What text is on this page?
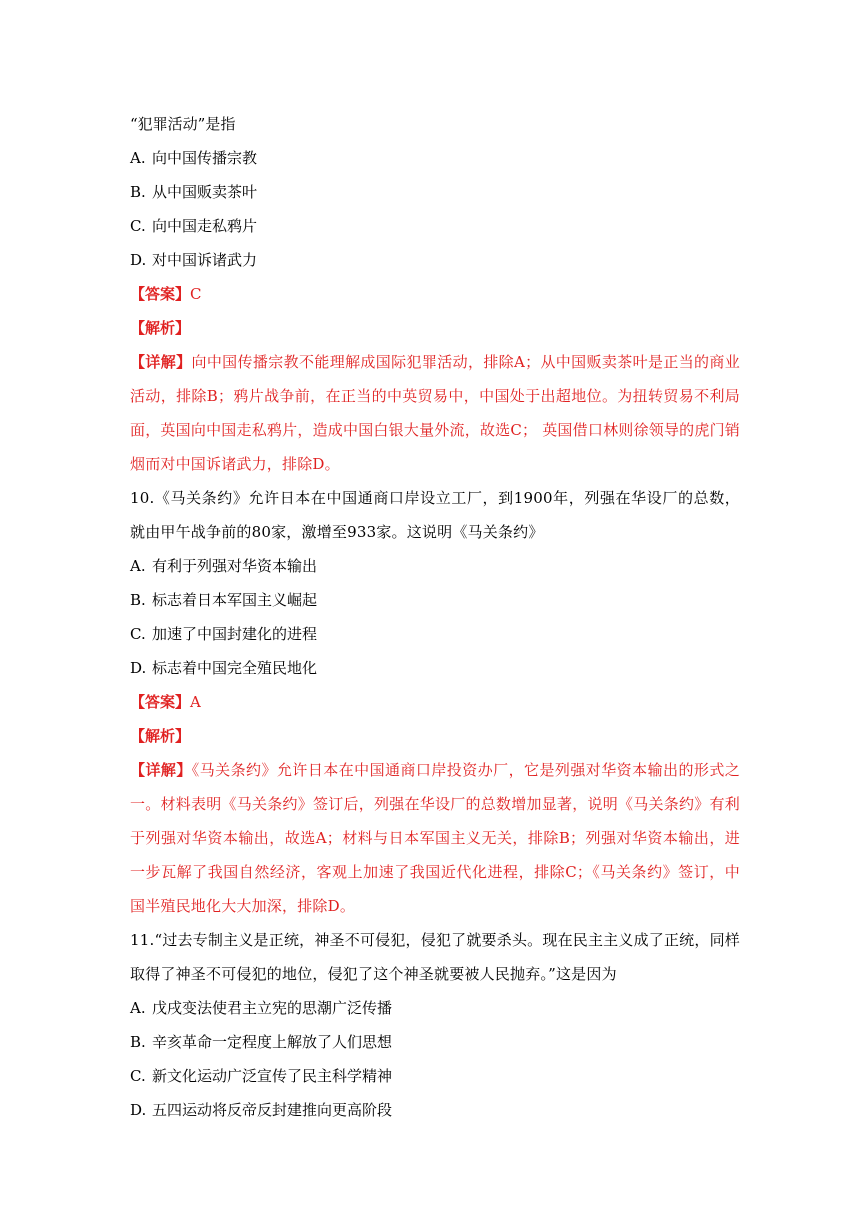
“犯罪活动”是指
A. 向中国传播宗教
B. 从中国贩卖茶叶
C. 向中国走私鸦片
D. 对中国诉诸武力
【答案】C
【解析】
【详解】向中国传播宗教不能理解成国际犯罪活动，排除A；从中国贩卖茶叶是正当的商业活动，排除B；鸦片战争前，在正当的中英贸易中，中国处于出超地位。为扭转贸易不利局面，英国向中国走私鸦片，造成中国白银大量外流，故选C； 英国借口林则徐领导的虎门销烟而对中国诉诸武力，排除D。
10.《马关条约》允许日本在中国通商口岸设立工厂，到1900年，列强在华设厂的总数，就由甲午战争前的80家，激增至933家。这说明《马关条约》
A. 有利于列强对华资本输出
B. 标志着日本军国主义崛起
C. 加速了中国封建化的进程
D. 标志着中国完全殖民地化
【答案】A
【解析】
【详解】《马关条约》允许日本在中国通商口岸投资办厂，它是列强对华资本输出的形式之一。材料表明《马关条约》签订后，列强在华设厂的总数增加显著，说明《马关条约》有利于列强对华资本输出，故选A；材料与日本军国主义无关，排除B；列强对华资本输出，进一步瓦解了我国自然经济，客观上加速了我国近代化进程，排除C；《马关条约》签订，中国半殖民地化大大加深，排除D。
11.“过去专制主义是正统，神圣不可侵犯，侵犯了就要杀头。现在民主主义成了正统，同样取得了神圣不可侵犯的地位，侵犯了这个神圣就要被人民抛弃。”这是因为
A. 戊戌变法使君主立宪的思潮广泛传播
B. 辛亥革命一定程度上解放了人们思想
C. 新文化运动广泛宣传了民主科学精神
D. 五四运动将反帝反封建推向更高阶段
